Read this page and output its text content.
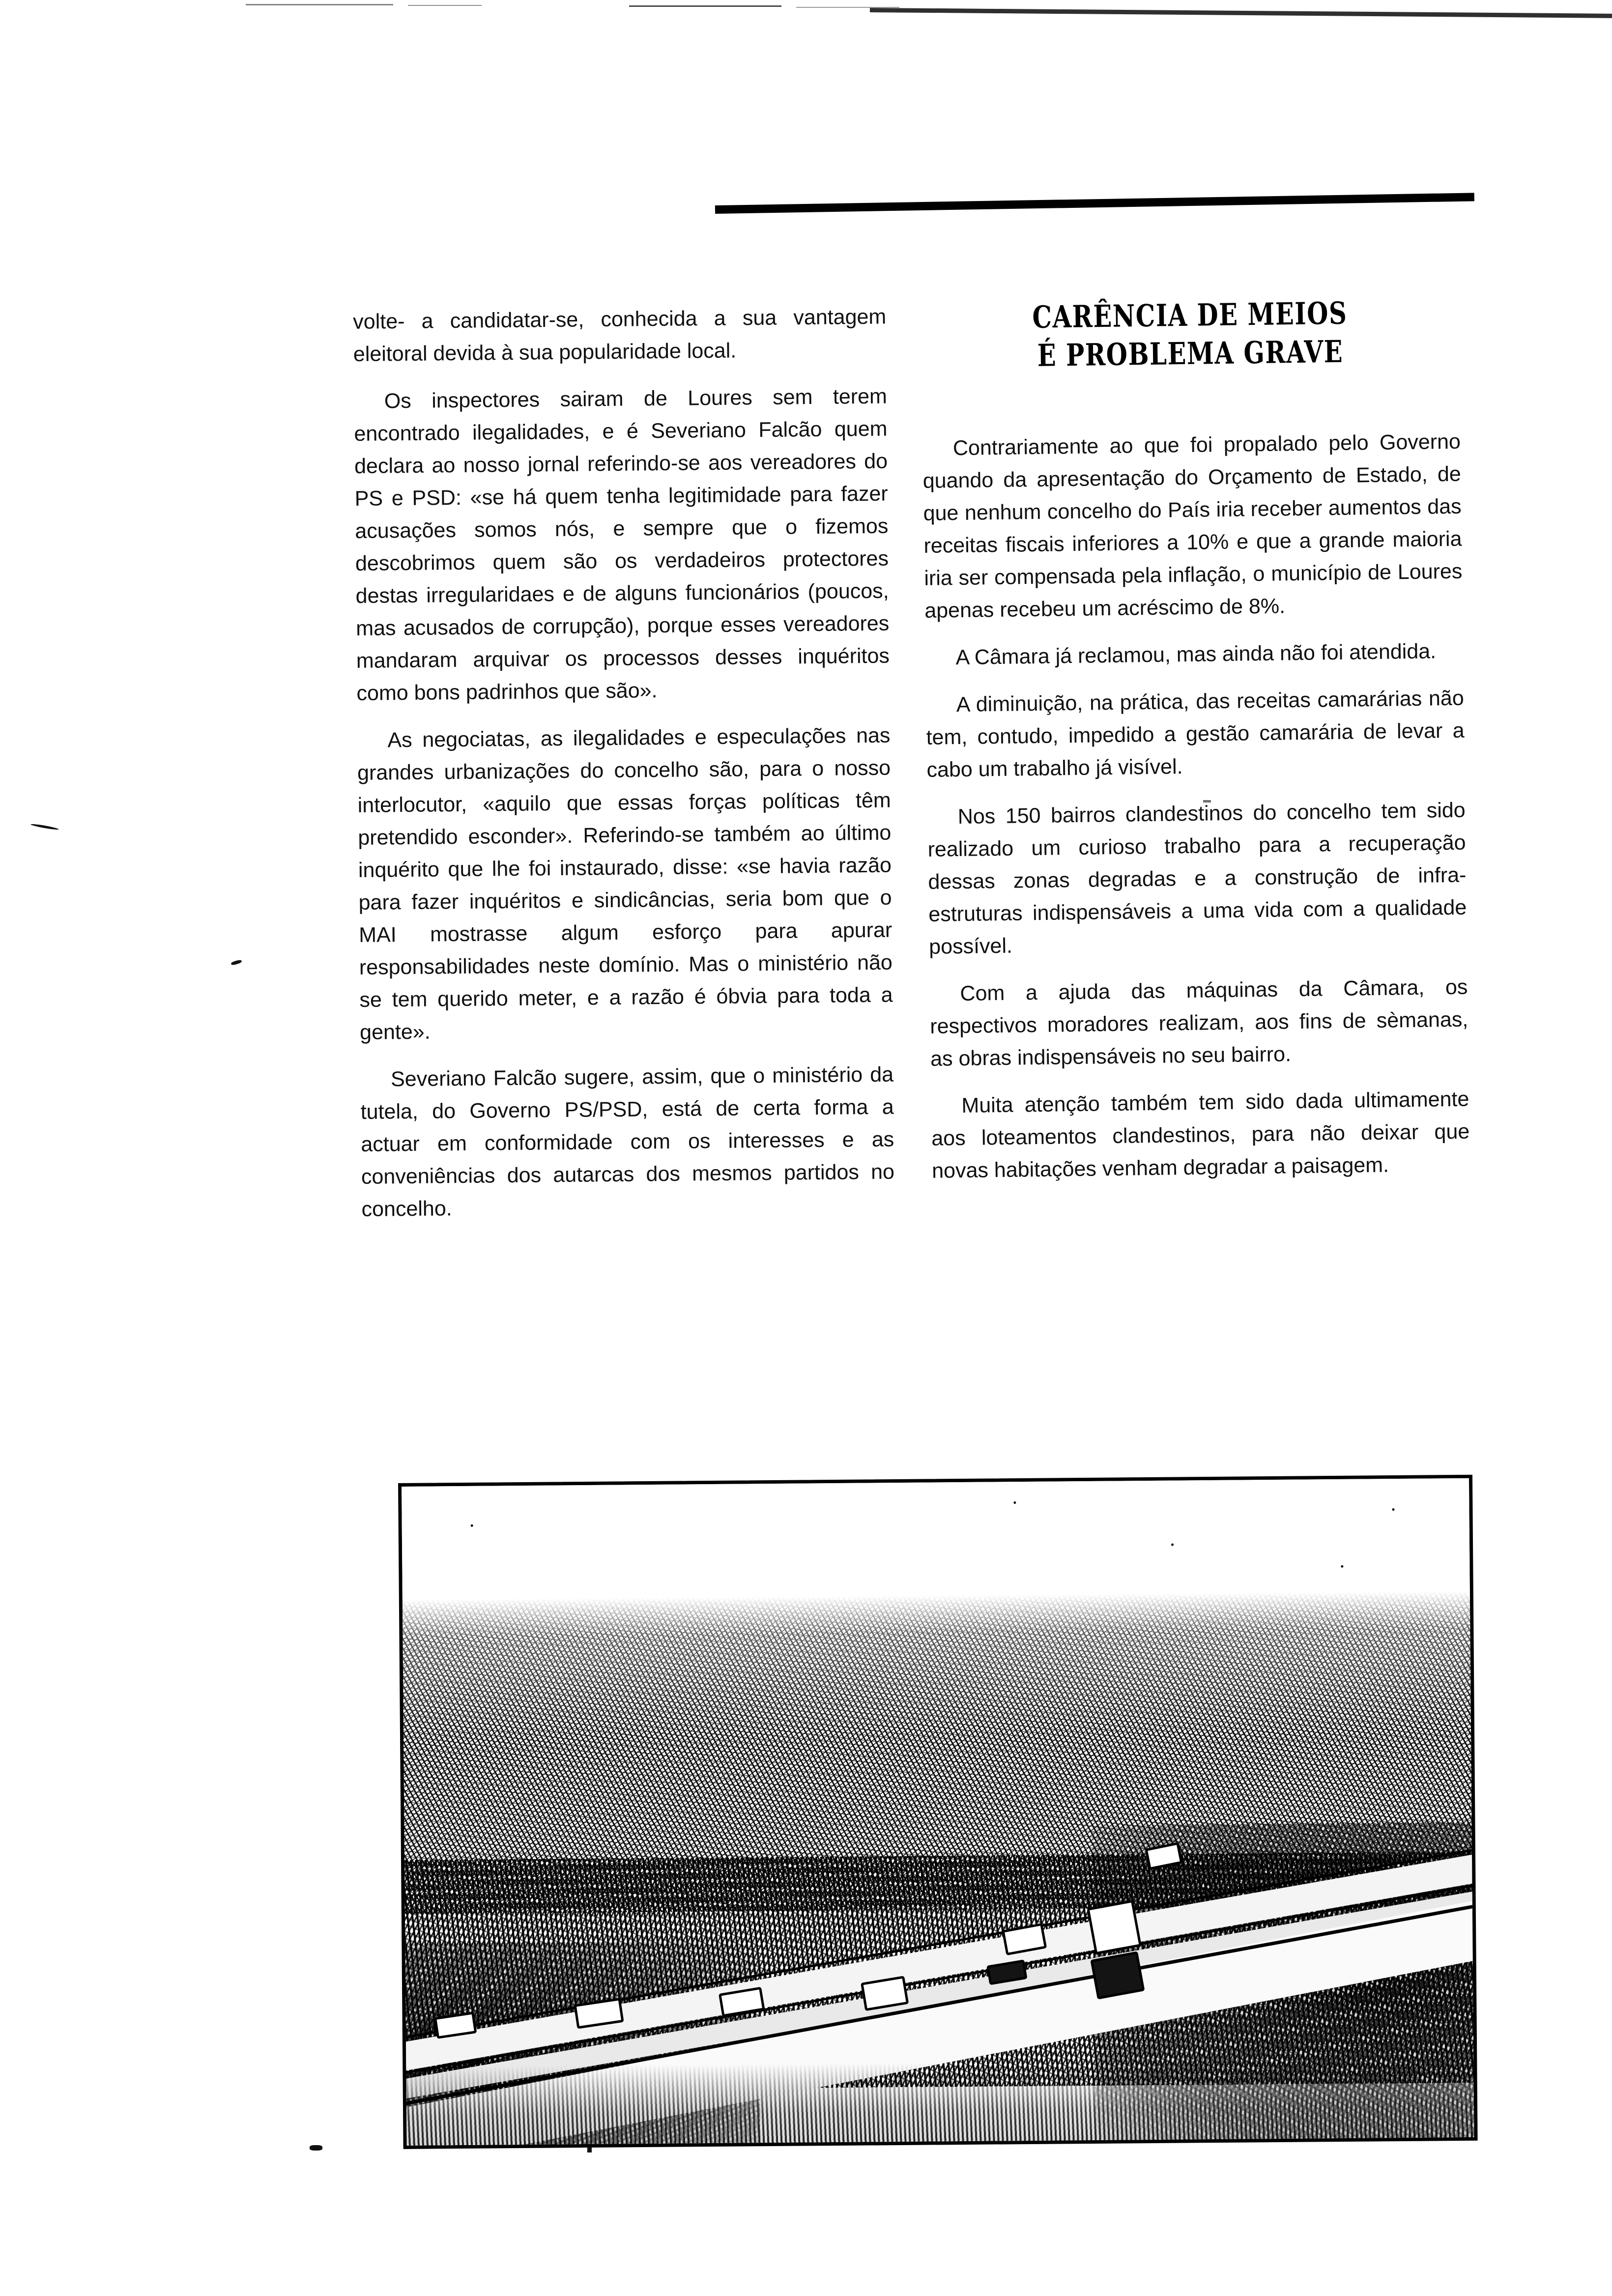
volte- a candidatar-se, conhecida a sua vantagem eleitoral devida à sua popularidade local.

Os inspectores sairam de Loures sem terem encontrado ilegalidades, e é Severiano Falcão quem declara ao nosso jornal referindo-se aos vereadores do PS e PSD: «se há quem tenha legitimidade para fazer acusações somos nós, e sempre que o fizemos descobrimos quem são os verdadeiros protectores destas irregularidaes e de alguns funcionários (poucos, mas acusados de corrupção), porque esses vereadores mandaram arquivar os processos desses inquéritos como bons padrinhos que são».

As negociatas, as ilegalidades e especulações nas grandes urbanizações do concelho são, para o nosso interlocutor, «aquilo que essas forças políticas têm pretendido esconder». Referindo-se também ao último inquérito que lhe foi instaurado, disse: «se havia razão para fazer inquéritos e sindicâncias, seria bom que o MAI mostrasse algum esforço para apurar responsabilidades neste domínio. Mas o ministério não se tem querido meter, e a razão é óbvia para toda a gente».

Severiano Falcão sugere, assim, que o ministério da tutela, do Governo PS/PSD, está de certa forma a actuar em conformidade com os interesses e as conveniências dos autarcas dos mesmos partidos no concelho.

CARÊNCIA DE MEIOS
É PROBLEMA GRAVE

Contrariamente ao que foi propalado pelo Governo quando da apresentação do Orçamento de Estado, de que nenhum concelho do País iria receber aumentos das receitas fiscais inferiores a 10% e que a grande maioria iria ser compensada pela inflação, o município de Loures apenas recebeu um acréscimo de 8%.

A Câmara já reclamou, mas ainda não foi atendida.

A diminuição, na prática, das receitas camarárias não tem, contudo, impedido a gestão camarária de levar a cabo um trabalho já visível.

Nos 150 bairros clandestinos do concelho tem sido realizado um curioso trabalho para a recuperação dessas zonas degradas e a construção de infra-estruturas indispensáveis a uma vida com a qualidade possível.

Com a ajuda das máquinas da Câmara, os respectivos moradores realizam, aos fins de sèmanas, as obras indispensáveis no seu bairro.

Muita atenção também tem sido dada ultimamente aos loteamentos clandestinos, para não deixar que novas habitações venham degradar a paisagem.
